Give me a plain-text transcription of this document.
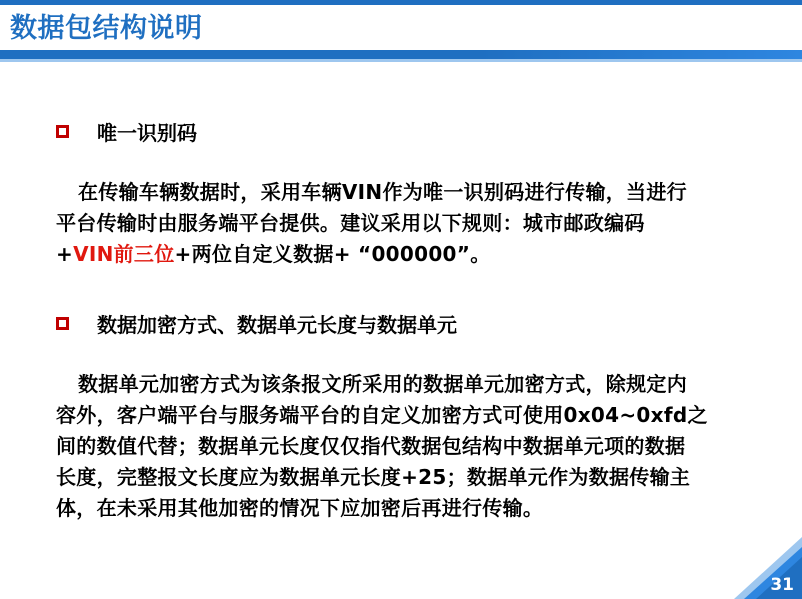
数据包结构说明
唯一识别码
在传输车辆数据时，采用车辆VIN作为唯一识别码进行传输，当进行
平台传输时由服务端平台提供。建议采用以下规则：城市邮政编码
+VIN前三位+两位自定义数据+ “000000”。
数据加密方式、数据单元长度与数据单元
数据单元加密方式为该条报文所采用的数据单元加密方式，除规定内
容外，客户端平台与服务端平台的自定义加密方式可使用0x04~0xfd之
间的数值代替；数据单元长度仅仅指代数据包结构中数据单元项的数据
长度，完整报文长度应为数据单元长度+25；数据单元作为数据传输主
体，在未采用其他加密的情况下应加密后再进行传输。
31
